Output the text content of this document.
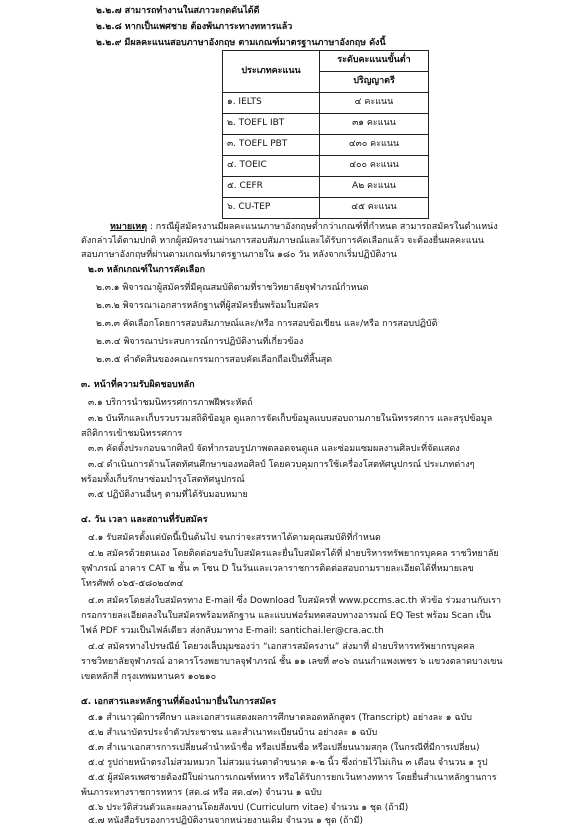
๒.๒.๗ สามารถทำงานในสภาวะกดดันได้ดี
๒.๒.๘ หากเป็นเพศชาย ต้องพ้นภาระทางทหารแล้ว
๒.๒.๙ มีผลคะแนนสอบภาษาอังกฤษ ตามเกณฑ์มาตรฐานภาษาอังกฤษ ดังนี้
ประเภทคะแนน	ระดับคะแนนขั้นต่ำ
	ปริญญาตรี
๑. IELTS	๔ คะแนน
๒. TOEFL IBT	๓๑ คะแนน
๓. TOEFL PBT	๔๓๐ คะแนน
๔. TOEIC	๔๐๐ คะแนน
๕. CEFR	A๒ คะแนน
๖. CU-TEP	๔๕ คะแนน
หมายเหตุ : กรณีผู้สมัครงานมีผลคะแนนภาษาอังกฤษต่ำกว่าเกณฑ์ที่กำหนด สามารถสมัครในตำแหน่ง
ดังกล่าวได้ตามปกติ หากผู้สมัครงานผ่านการสอบสัมภาษณ์และได้รับการคัดเลือกแล้ว จะต้องยื่นผลคะแนน
สอบภาษาอังกฤษที่ผ่านตามเกณฑ์มาตรฐานภายใน ๑๘๐ วัน หลังจากเริ่มปฏิบัติงาน
๒.๓ หลักเกณฑ์ในการคัดเลือก
๒.๓.๑ พิจารณาผู้สมัครที่มีคุณสมบัติตามที่ราชวิทยาลัยจุฬาภรณ์กำหนด
๒.๓.๒ พิจารณาเอกสารหลักฐานที่ผู้สมัครยื่นพร้อมใบสมัคร
๒.๓.๓ คัดเลือกโดยการสอบสัมภาษณ์และ/หรือ การสอบข้อเขียน และ/หรือ การสอบปฏิบัติ
๒.๓.๔ พิจารณาประสบการณ์การปฏิบัติงานที่เกี่ยวข้อง
๒.๓.๕ คำตัดสินของคณะกรรมการสอบคัดเลือกถือเป็นที่สิ้นสุด
๓. หน้าที่ความรับผิดชอบหลัก
๓.๑ บริการนำชมนิทรรศการภาพฝีพระหัตถ์
๓.๒ บันทึกและเก็บรวบรวมสถิติข้อมูล ดูแลการจัดเก็บข้อมูลแบบสอบถามภายในนิทรรศการ และสรุปข้อมูล
สถิติการเข้าชมนิทรรศการ
๓.๓ คัดตั้งประกอบฉากศิลป์ จัดทำกรอบรูปภาพตลอดจนดูแล และซ่อมแซมผลงานศิลปะที่จัดแสดง
๓.๔ ดำเนินการด้านโสตทัศนศึกษาของหอศิลป์ โดยควบคุมการใช้เครื่องโสตทัศนูปกรณ์ ประเภทต่างๆ
พร้อมทั้งเก็บรักษาซ่อมบำรุงโสตทัศนูปกรณ์
๓.๕ ปฏิบัติงานอื่นๆ ตามที่ได้รับมอบหมาย
๔. วัน เวลา และสถานที่รับสมัคร
๔.๑ รับสมัครตั้งแต่บัดนี้เป็นต้นไป จนกว่าจะสรรหาได้ตามคุณสมบัติที่กำหนด
๔.๒ สมัครด้วยตนเอง โดยติดต่อขอรับใบสมัครและยื่นใบสมัครได้ที่ ฝ่ายบริหารทรัพยากรบุคคล ราชวิทยาลัย
จุฬาภรณ์ อาคาร CAT ๒ ชั้น ๓ โซน D ในวันและเวลาราชการติดต่อสอบถามรายละเอียดได้ที่หมายเลข
โทรศัพท์ ๐๖๕-๕๘๐๒๔๓๔
๔.๓ สมัครโดยส่งใบสมัครทาง E-mail ซึ่ง Download ใบสมัครที่ www.pccms.ac.th หัวข้อ ร่วมงานกับเรา
กรอกรายละเอียดลงในใบสมัครพร้อมหลักฐาน และแบบฟอร์มทดสอบทางอารมณ์ EQ Test พร้อม Scan เป็น
ไฟล์ PDF รวมเป็นไฟล์เดียว ส่งกลับมาทาง E-mail: santichai.ler@cra.ac.th
๔.๔ สมัครทางไปรษณีย์ โดยวงเล็บมุมซองว่า “เอกสารสมัครงาน” ส่งมาที่ ฝ่ายบริหารทรัพยากรบุคคล
ราชวิทยาลัยจุฬาภรณ์ อาคารโรงพยาบาลจุฬาภรณ์ ชั้น ๑๑ เลขที่ ๙๐๖ ถนนกำแพงเพชร ๖ แขวงตลาดบางเขน
เขตหลักสี่ กรุงเทพมหานคร ๑๐๒๑๐
๕. เอกสารและหลักฐานที่ต้องนำมายื่นในการสมัคร
๕.๑ สำเนาวุฒิการศึกษา และเอกสารแสดงผลการศึกษาตลอดหลักสูตร (Transcript) อย่างละ ๑ ฉบับ
๕.๒ สำเนาบัตรประจำตัวประชาชน และสำเนาทะเบียนบ้าน อย่างละ ๑ ฉบับ
๕.๓ สำเนาเอกสารการเปลี่ยนคำนำหน้าชื่อ หรือเปลี่ยนชื่อ หรือเปลี่ยนนามสกุล (ในกรณีที่มีการเปลี่ยน)
๕.๔ รูปถ่ายหน้าตรงไม่สวมหมวก ไม่สวมแว่นตาดำขนาด ๑-๒ นิ้ว ซึ่งถ่ายไว้ไม่เกิน ๓ เดือน จำนวน ๑ รูป
๕.๕ ผู้สมัครเพศชายต้องมีใบผ่านการเกณฑ์ทหาร หรือได้รับการยกเว้นทางทหาร โดยยื่นสำเนาหลักฐานการ
พ้นภาระทางราชการทหาร (สด.๘ หรือ สด.๔๓) จำนวน ๑ ฉบับ
๕.๖ ประวัติส่วนตัวและผลงานโดยสังเขป (Curriculum vitae) จำนวน ๑ ชุด (ถ้ามี)
๕.๗ หนังสือรับรองการปฏิบัติงานจากหน่วยงานเดิม จำนวน ๑ ชุด (ถ้ามี)
